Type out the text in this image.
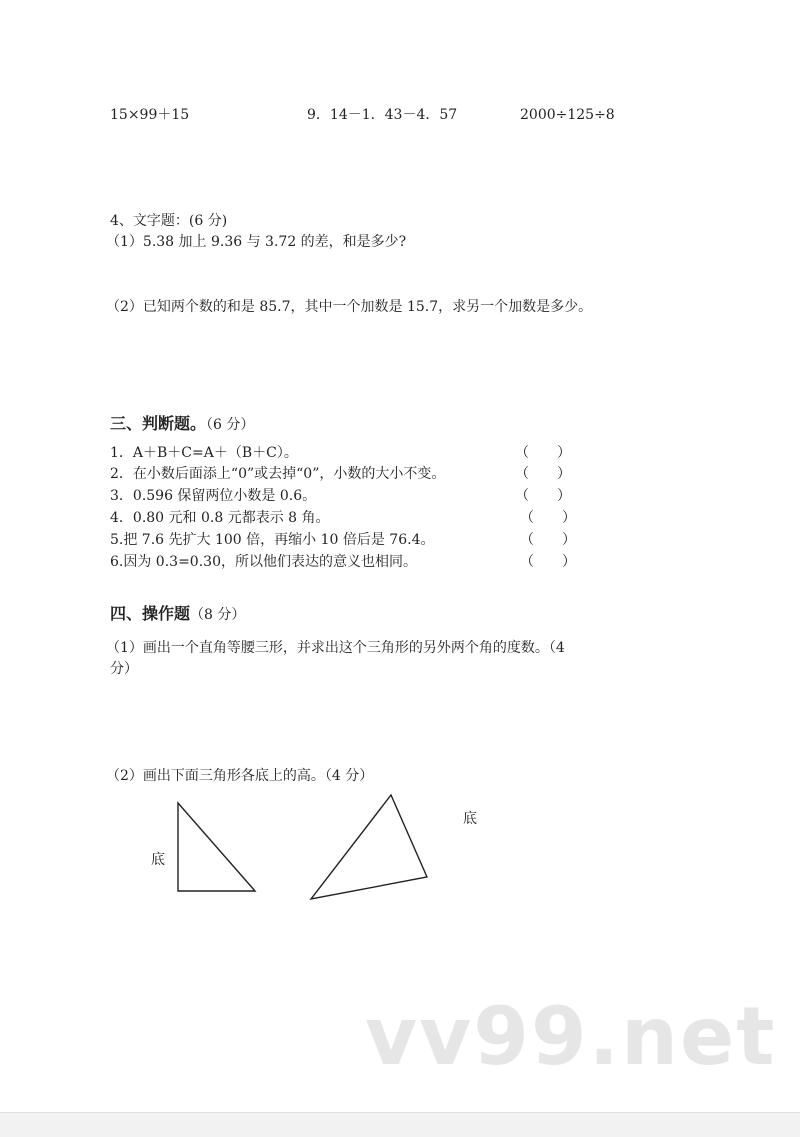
15×99＋15	9．14－1．43－4．57	2000÷125÷8
4、文字题：(6 分)
（1）5.38 加上 9.36 与 3.72 的差，和是多少?
（2）已知两个数的和是 85.7，其中一个加数是 15.7，求另一个加数是多少。
三、判断题。（6 分）
1．A＋B＋C=A＋（B＋C）。	（　　）
2．在小数后面添上“0”或去掉“0”，小数的大小不变。	（　　）
3．0.596 保留两位小数是 0.6。	（　　）
4．0.80 元和 0.8 元都表示 8 角。	（　　）
5.把 7.6 先扩大 100 倍，再缩小 10 倍后是 76.4。	（　　）
6.因为 0.3=0.30，所以他们表达的意义也相同。	（　　）
四、操作题（8 分）
（1）画出一个直角等腰三形，并求出这个三角形的另外两个角的度数。（4
分）
（2）画出下面三角形各底上的高。（4 分）
底
底
vv99.net
